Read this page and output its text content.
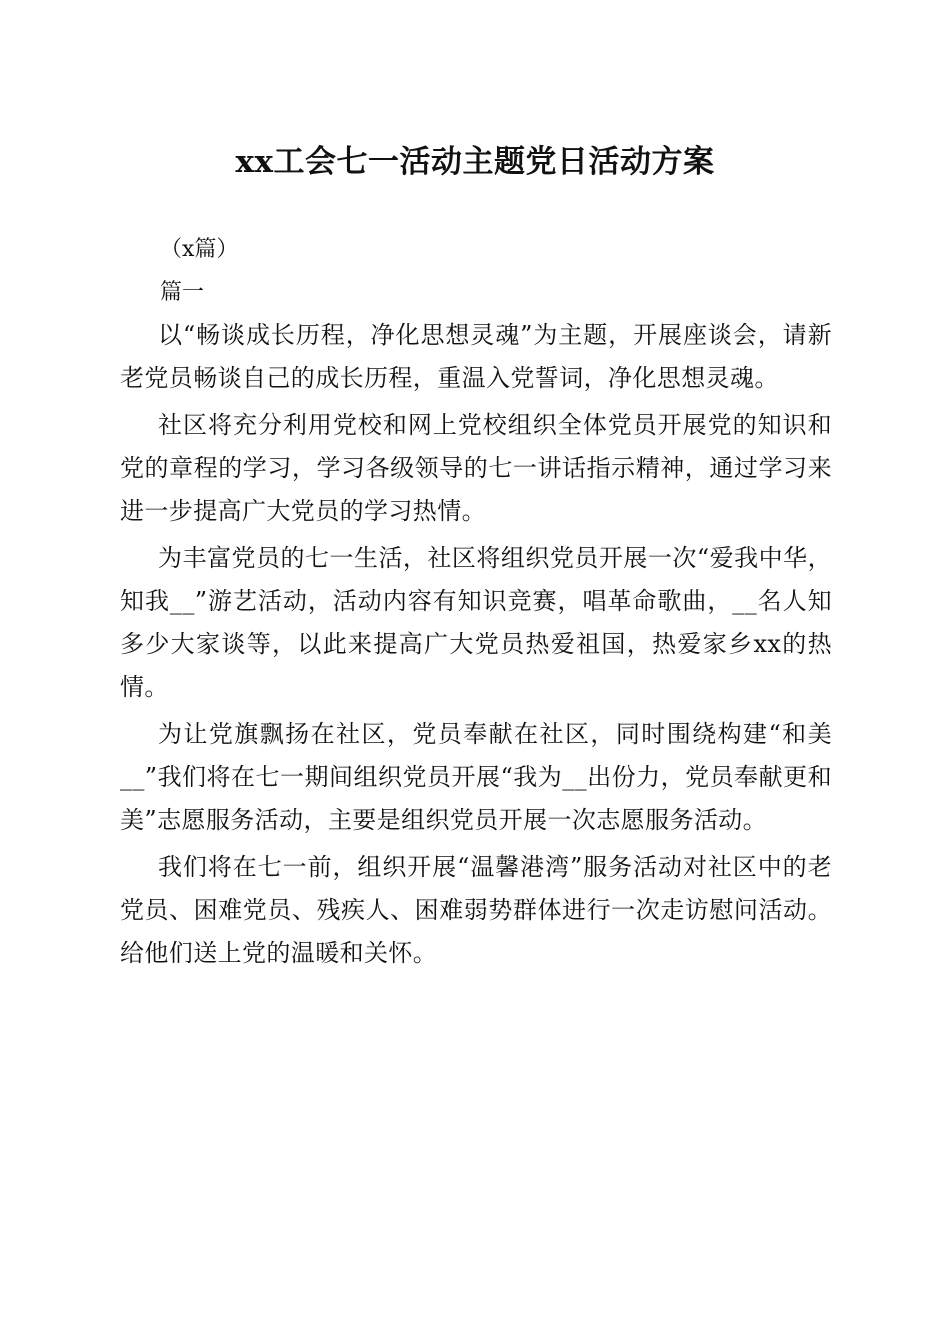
xx工会七一活动主题党日活动方案
（x篇）
篇一

以“畅谈成长历程，净化思想灵魂”为主题，开展座谈会，请新老党员畅谈自己的成长历程，重温入党誓词，净化思想灵魂。

社区将充分利用党校和网上党校组织全体党员开展党的知识和党的章程的学习，学习各级领导的七一讲话指示精神，通过学习来进一步提高广大党员的学习热情。

为丰富党员的七一生活，社区将组织党员开展一次“爱我中华，知我__”游艺活动，活动内容有知识竞赛，唱革命歌曲，__名人知多少大家谈等，以此来提高广大党员热爱祖国，热爱家乡xx的热情。

为让党旗飘扬在社区，党员奉献在社区，同时围绕构建“和美__”我们将在七一期间组织党员开展“我为__出份力，党员奉献更和美”志愿服务活动，主要是组织党员开展一次志愿服务活动。

我们将在七一前，组织开展“温馨港湾”服务活动对社区中的老党员、困难党员、残疾人、困难弱势群体进行一次走访慰问活动。给他们送上党的温暖和关怀。
